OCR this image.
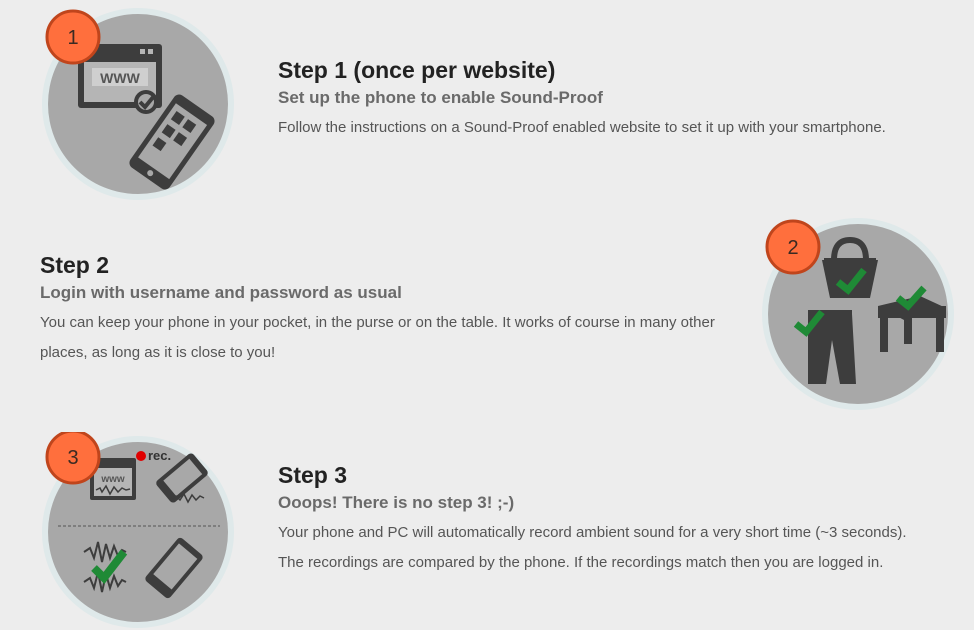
WWW
1
Step 1 (once per website)

Set up the phone to enable Sound-Proof

Follow the instructions on a Sound-Proof enabled website to set it up with your smartphone.

Step 2

Login with username and password as usual

You can keep your phone in your pocket, in the purse or on the table. It works of course in many other places, as long as it is close to you!

2
www
rec.
3
Step 3

Ooops! There is no step 3! ;-)

Your phone and PC will automatically record ambient sound for a very short time (~3 seconds).

The recordings are compared by the phone. If the recordings match then you are logged in.
